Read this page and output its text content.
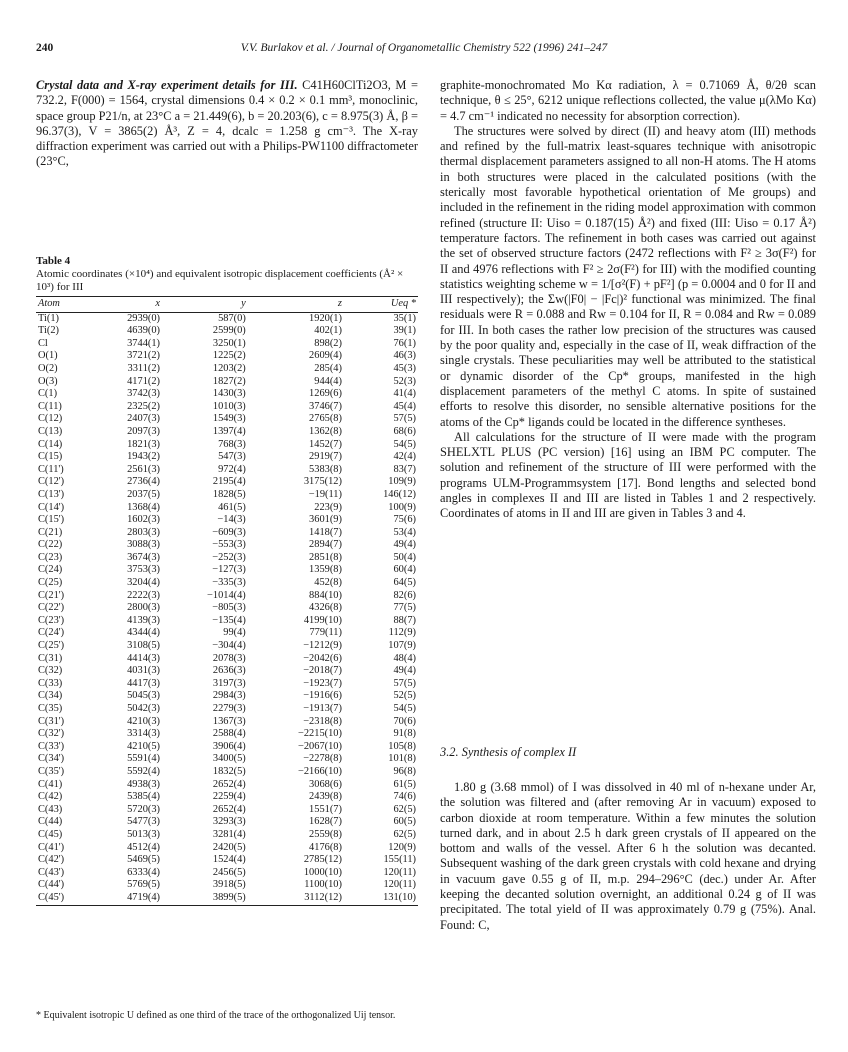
240	V.V. Burlakov et al. / Journal of Organometallic Chemistry 522 (1996) 241–247

Crystal data and X-ray experiment details for III. C41H60ClTi2O3, M = 732.2, F(000) = 1564, crystal dimensions 0.4 × 0.2 × 0.1 mm³, monoclinic, space group P21/n, at 23°C a = 21.449(6), b = 20.203(6), c = 8.975(3) Å, β = 96.37(3), V = 3865(2) Å³, Z = 4, dcalc = 1.258 g cm⁻³. The X-ray diffraction experiment was carried out with a Philips-PW1100 diffractometer (23°C,

Table 4
Atomic coordinates (×10⁴) and equivalent isotropic displacement coefficients (Å² × 10³) for III
Atom	x	y	z	Ueq *
Ti(1)	2939(0)	587(0)	1920(1)	35(1)
Ti(2)	4639(0)	2599(0)	402(1)	39(1)
Cl	3744(1)	3250(1)	898(2)	76(1)
O(1)	3721(2)	1225(2)	2609(4)	46(3)
O(2)	3311(2)	1203(2)	285(4)	45(3)
O(3)	4171(2)	1827(2)	944(4)	52(3)
C(1)	3742(3)	1430(3)	1269(6)	41(4)
C(11)	2325(2)	1010(3)	3746(7)	45(4)
C(12)	2407(3)	1549(3)	2765(8)	57(5)
C(13)	2097(3)	1397(4)	1362(8)	68(6)
C(14)	1821(3)	768(3)	1452(7)	54(5)
C(15)	1943(2)	547(3)	2919(7)	42(4)
C(11')	2561(3)	972(4)	5383(8)	83(7)
C(12')	2736(4)	2195(4)	3175(12)	109(9)
C(13')	2037(5)	1828(5)	−19(11)	146(12)
C(14')	1368(4)	461(5)	223(9)	100(9)
C(15')	1602(3)	−14(3)	3601(9)	75(6)
C(21)	2803(3)	−609(3)	1418(7)	53(4)
C(22)	3088(3)	−553(3)	2894(7)	49(4)
C(23)	3674(3)	−252(3)	2851(8)	50(4)
C(24)	3753(3)	−127(3)	1359(8)	60(4)
C(25)	3204(4)	−335(3)	452(8)	64(5)
C(21')	2222(3)	−1014(4)	884(10)	82(6)
C(22')	2800(3)	−805(3)	4326(8)	77(5)
C(23')	4139(3)	−135(4)	4199(10)	88(7)
C(24')	4344(4)	99(4)	779(11)	112(9)
C(25')	3108(5)	−304(4)	−1212(9)	107(9)
C(31)	4414(3)	2078(3)	−2042(6)	48(4)
C(32)	4031(3)	2636(3)	−2018(7)	49(4)
C(33)	4417(3)	3197(3)	−1923(7)	57(5)
C(34)	5045(3)	2984(3)	−1916(6)	52(5)
C(35)	5042(3)	2279(3)	−1913(7)	54(5)
C(31')	4210(3)	1367(3)	−2318(8)	70(6)
C(32')	3314(3)	2588(4)	−2215(10)	91(8)
C(33')	4210(5)	3906(4)	−2067(10)	105(8)
C(34')	5591(4)	3400(5)	−2278(8)	101(8)
C(35')	5592(4)	1832(5)	−2166(10)	96(8)
C(41)	4938(3)	2652(4)	3068(6)	61(5)
C(42)	5385(4)	2259(4)	2439(8)	74(6)
C(43)	5720(3)	2652(4)	1551(7)	62(5)
C(44)	5477(3)	3293(3)	1628(7)	60(5)
C(45)	5013(3)	3281(4)	2559(8)	62(5)
C(41')	4512(4)	2420(5)	4176(8)	120(9)
C(42')	5469(5)	1524(4)	2785(12)	155(11)
C(43')	6333(4)	2456(5)	1000(10)	120(11)
C(44')	5769(5)	3918(5)	1100(10)	120(11)
C(45')	4719(4)	3899(5)	3112(12)	131(10)
* Equivalent isotropic U defined as one third of the trace of the orthogonalized Uij tensor.

graphite-monochromated Mo Kα radiation, λ = 0.71069 Å, θ/2θ scan technique, θ ≤ 25°, 6212 unique reflections collected, the value μ(λMo Kα) = 4.7 cm⁻¹ indicated no necessity for absorption correction).

The structures were solved by direct (II) and heavy atom (III) methods and refined by the full-matrix least-squares technique with anisotropic thermal displacement parameters assigned to all non-H atoms. The H atoms in both structures were placed in the calculated positions (with the sterically most favorable hypothetical orientation of Me groups) and included in the refinement in the riding model approximation with common refined (structure II: Uiso = 0.187(15) Å²) and fixed (III: Uiso = 0.17 Å²) temperature factors. The refinement in both cases was carried out against the set of observed structure factors (2472 reflections with F² ≥ 3σ(F²) for II and 4976 reflections with F² ≥ 2σ(F²) for III) with the modified counting statistics weighting scheme w = 1/[σ²(F) + pF²] (p = 0.0004 and 0 for II and III respectively); the Σw(|F0| − |Fc|)² functional was minimized. The final residuals were R = 0.088 and Rw = 0.104 for II, R = 0.084 and Rw = 0.089 for III. In both cases the rather low precision of the structures was caused by the poor quality and, especially in the case of II, weak diffraction of the single crystals. These peculiarities may well be attributed to the statistical or dynamic disorder of the Cp* groups, manifested in the high displacement parameters of the methyl C atoms. In spite of sustained efforts to resolve this disorder, no sensible alternative positions for the atoms of the Cp* ligands could be located in the difference syntheses.

All calculations for the structure of II were made with the program SHELXTL PLUS (PC version) [16] using an IBM PC computer. The solution and refinement of the structure of III were performed with the programs ULM-Programmsystem [17]. Bond lengths and selected bond angles in complexes II and III are listed in Tables 1 and 2 respectively. Coordinates of atoms in II and III are given in Tables 3 and 4.

3.2. Synthesis of complex II

1.80 g (3.68 mmol) of I was dissolved in 40 ml of n-hexane under Ar, the solution was filtered and (after removing Ar in vacuum) exposed to carbon dioxide at room temperature. Within a few minutes the solution turned dark, and in about 2.5 h dark green crystals of II appeared on the bottom and walls of the vessel. After 6 h the solution was decanted. Subsequent washing of the dark green crystals with cold hexane and drying in vacuum gave 0.55 g of II, m.p. 294–296°C (dec.) under Ar. After keeping the decanted solution overnight, an additional 0.24 g of II was precipitated. The total yield of II was approximately 0.79 g (75%). Anal. Found: C,
